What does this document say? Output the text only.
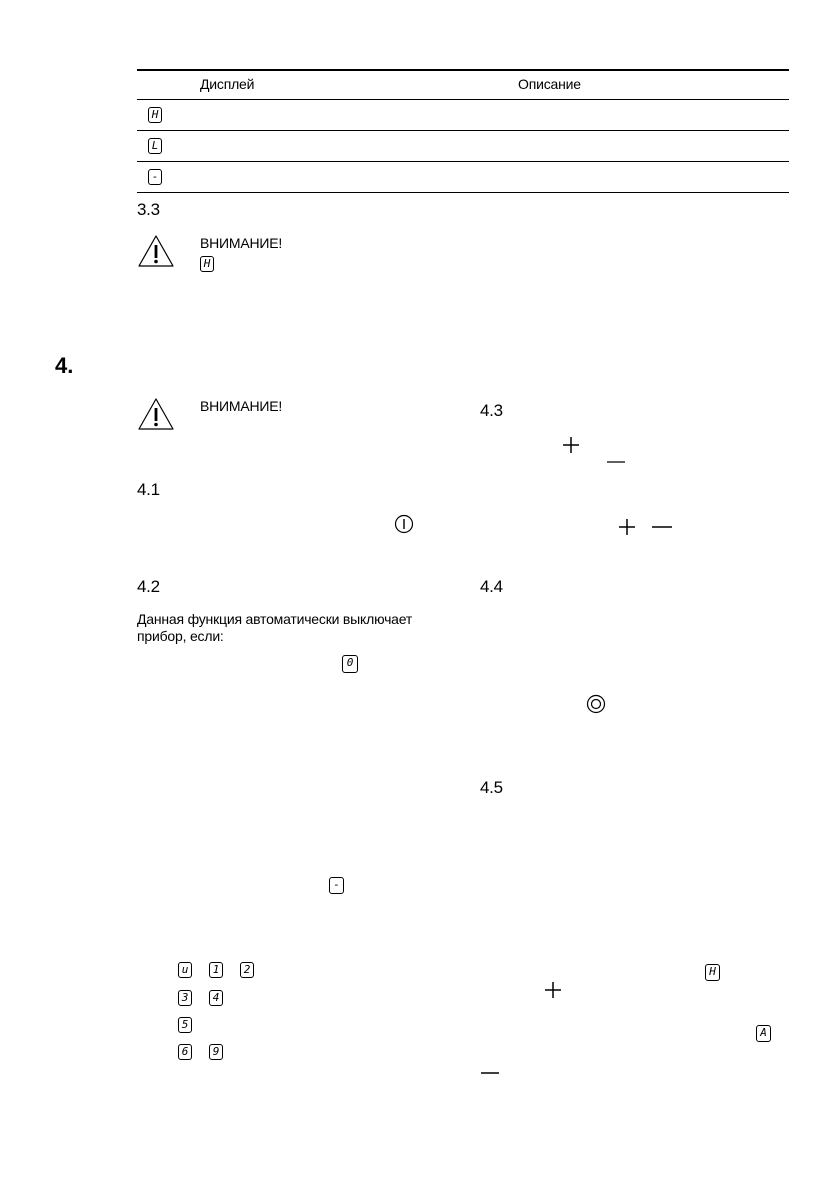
Дисплей	Описание
H
L
-
3.3
ВНИМАНИЕ!
H
4.
ВНИМАНИЕ!
4.1
4.2
Данная функция автоматически выключает прибор, если:
0
-
u	1	2
3	4
5
6	9
4.3
4.4
4.5
H
A
